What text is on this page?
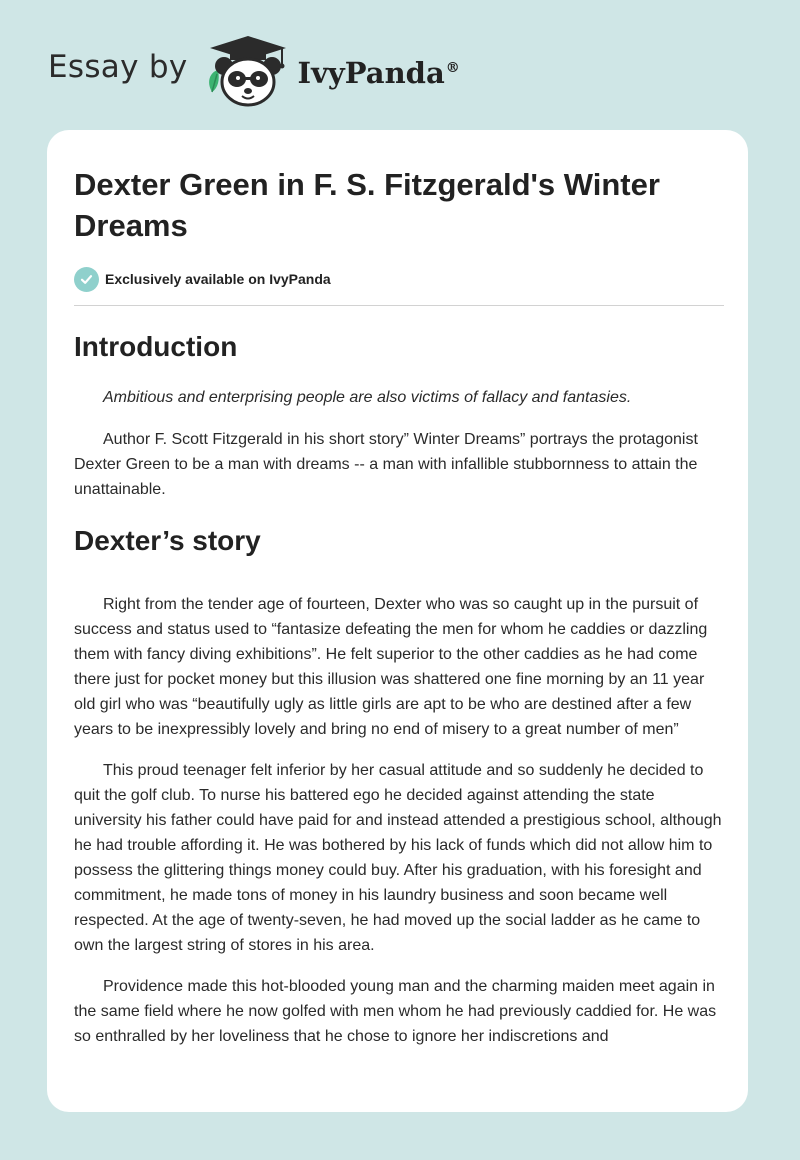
Essay by	IvyPanda®
Dexter Green in F. S. Fitzgerald's Winter Dreams
Exclusively available on IvyPanda
Introduction

Ambitious and enterprising people are also victims of fallacy and fantasies.

Author F. Scott Fitzgerald in his short story” Winter Dreams” portrays the protagonist Dexter Green to be a man with dreams -- a man with infallible stubbornness to attain the unattainable.

Dexter’s story

Right from the tender age of fourteen, Dexter who was so caught up in the pursuit of success and status used to “fantasize defeating the men for whom he caddies or dazzling them with fancy diving exhibitions”. He felt superior to the other caddies as he had come there just for pocket money but this illusion was shattered one fine morning by an 11 year old girl who was “beautifully ugly as little girls are apt to be who are destined after a few years to be inexpressibly lovely and bring no end of misery to a great number of men”

This proud teenager felt inferior by her casual attitude and so suddenly he decided to quit the golf club. To nurse his battered ego he decided against attending the state university his father could have paid for and instead attended a prestigious school, although he had trouble affording it. He was bothered by his lack of funds which did not allow him to possess the glittering things money could buy. After his graduation, with his foresight and commitment, he made tons of money in his laundry business and soon became well respected. At the age of twenty-seven, he had moved up the social ladder as he came to own the largest string of stores in his area.

Providence made this hot-blooded young man and the charming maiden meet again in the same field where he now golfed with men whom he had previously caddied for. He was so enthralled by her loveliness that he chose to ignore her indiscretions and
